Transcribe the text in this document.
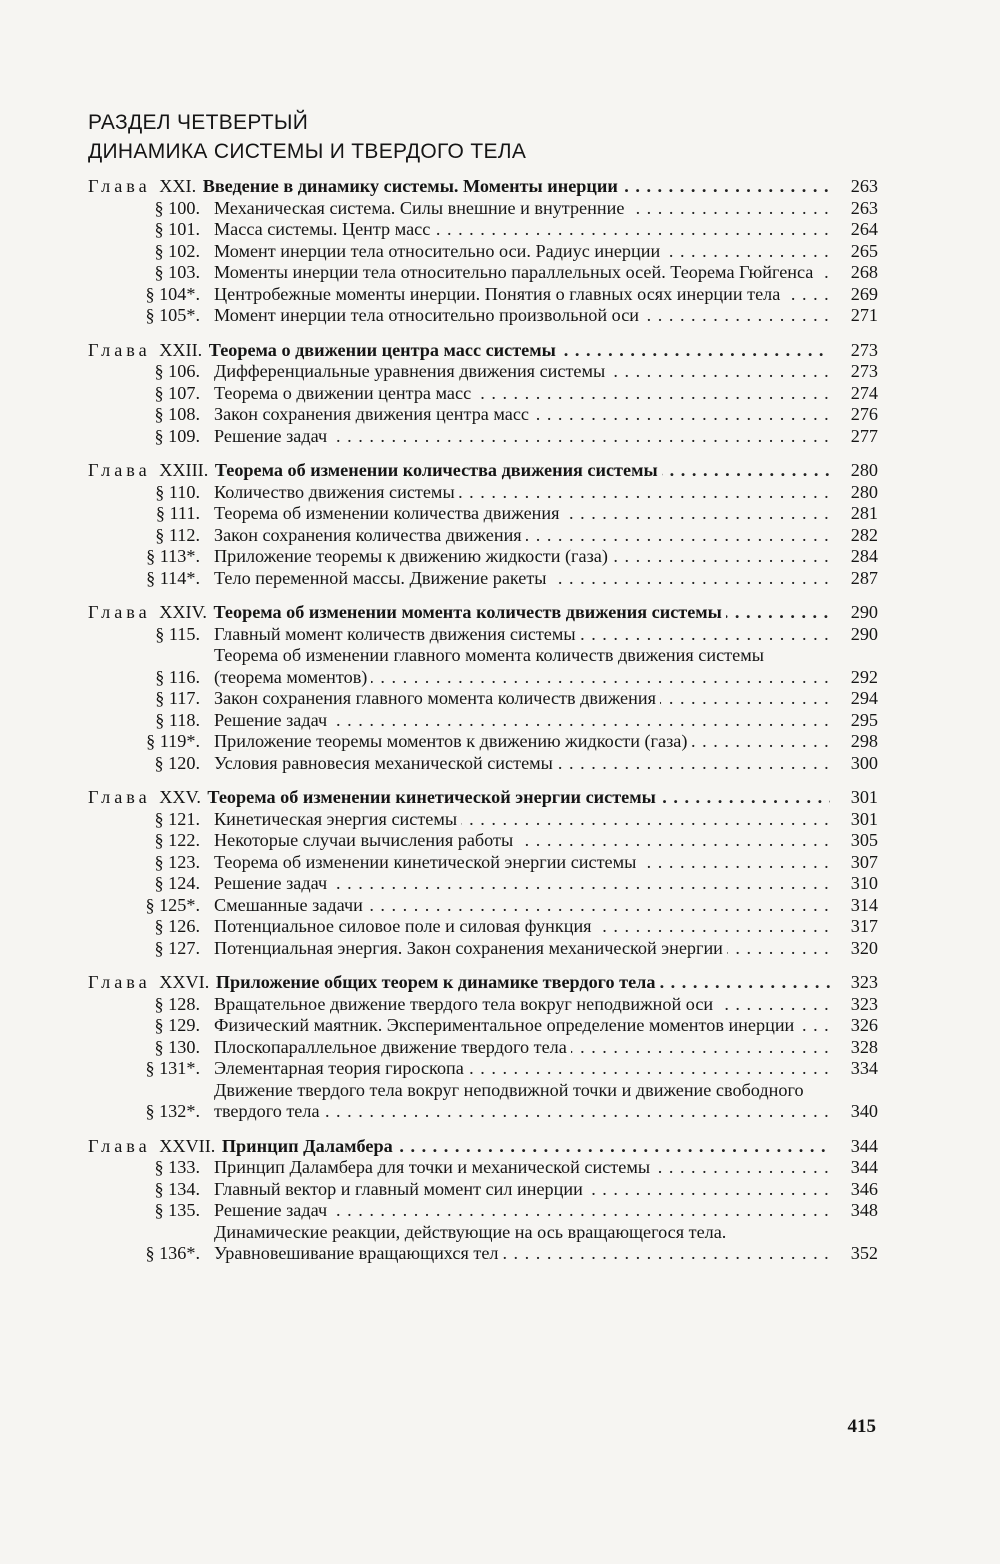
РАЗДЕЛ ЧЕТВЕРТЫЙ
ДИНАМИКА СИСТЕМЫ И ТВЕРДОГО ТЕЛА
Глава XXI.
Введение в динамику системы. Моменты инерции . . .	263
§ 100. Механическая система. Силы внешние и внутренние . . .	263
§ 101. Масса системы. Центр масс . . .	264
§ 102. Момент инерции тела относительно оси. Радиус инерции . . .	265
§ 103. Моменты инерции тела относительно параллельных осей. Теорема Гюйгенса . . .	268
§ 104*. Центробежные моменты инерции. Понятия о главных осях инерции тела . . .	269
§ 105*. Момент инерции тела относительно произвольной оси . . .	271
Глава XXII.
Теорема о движении центра масс системы . . .	273
§ 106. Дифференциальные уравнения движения системы . . .	273
§ 107. Теорема о движении центра масс . . .	274
§ 108. Закон сохранения движения центра масс . . .	276
§ 109. Решение задач . . .	277
Глава XXIII.
Теорема об изменении количества движения системы . . .	280
§ 110. Количество движения системы . . .	280
§ 111. Теорема об изменении количества движения . . .	281
§ 112. Закон сохранения количества движения . . .	282
§ 113*. Приложение теоремы к движению жидкости (газа) . . .	284
§ 114*. Тело переменной массы. Движение ракеты . . .	287
Глава XXIV.
Теорема об изменении момента количеств движения системы . . .	290
§ 115. Главный момент количеств движения системы . . .	290
§ 116.
Теорема об изменении главного момента количеств движения системы (теорема моментов) . . .	292
§ 117. Закон сохранения главного момента количеств движения . . .	294
§ 118. Решение задач . . .	295
§ 119*. Приложение теоремы моментов к движению жидкости (газа) . . .	298
§ 120. Условия равновесия механической системы . . .	300
Глава XXV.
Теорема об изменении кинетической энергии системы . . .	301
§ 121. Кинетическая энергия системы . . .	301
§ 122. Некоторые случаи вычисления работы . . .	305
§ 123. Теорема об изменении кинетической энергии системы . . .	307
§ 124. Решение задач . . .	310
§ 125*. Смешанные задачи . . .	314
§ 126. Потенциальное силовое поле и силовая функция . . .	317
§ 127. Потенциальная энергия. Закон сохранения механической энергии . . .	320
Глава XXVI.
Приложение общих теорем к динамике твердого тела . . .	323
§ 128. Вращательное движение твердого тела вокруг неподвижной оси . . .	323
§ 129. Физический маятник. Экспериментальное определение моментов инерции . . .	326
§ 130. Плоскопараллельное движение твердого тела . . .	328
§ 131*. Элементарная теория гироскопа . . .	334
§ 132*.
Движение твердого тела вокруг неподвижной точки и движение свободного твердого тела . . .	340
Глава XXVII.
Принцип Даламбера . . .	344
§ 133. Принцип Даламбера для точки и механической системы . . .	344
§ 134. Главный вектор и главный момент сил инерции . . .	346
§ 135. Решение задач . . .	348
§ 136*.
Динамические реакции, действующие на ось вращающегося тела. Уравновешивание вращающихся тел . . .	352
415
